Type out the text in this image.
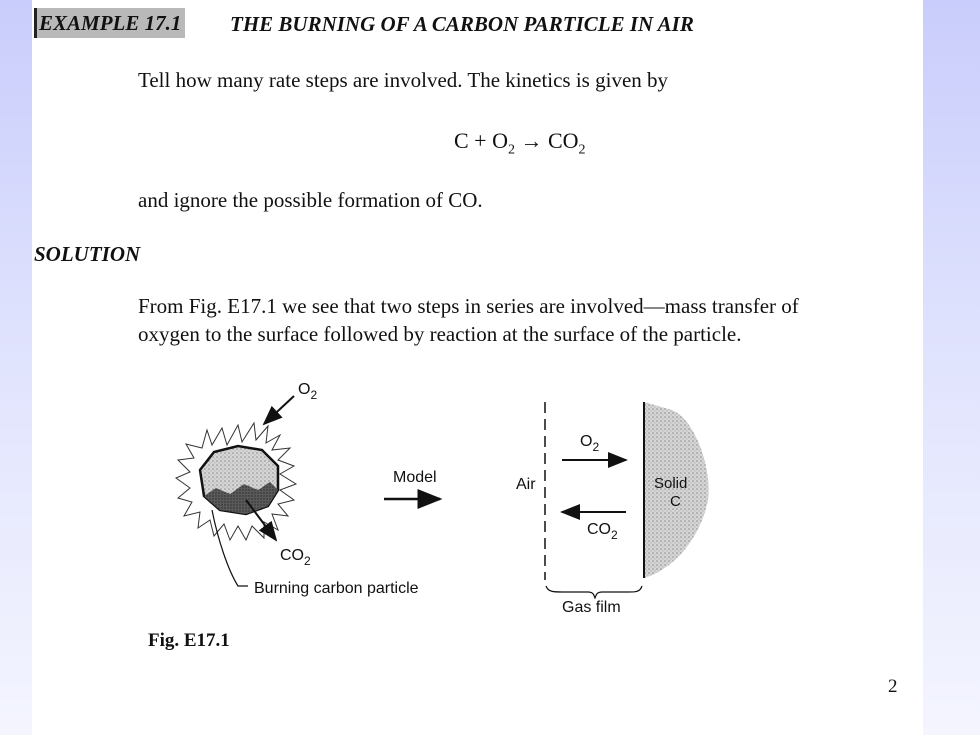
EXAMPLE 17.1 THE BURNING OF A CARBON PARTICLE IN AIR
Tell how many rate steps are involved. The kinetics is given by
$C + O_2 \to CO_2$
and ignore the possible formation of CO.
SOLUTION
From Fig. E17.1 we see that two steps in series are involved—mass transfer of
oxygen to the surface followed by reaction at the surface of the particle.
$O_2$
$CO_2$
Burning carbon particle
Model	Air
$O_2$
$CO_2$
Solid
C
Gas film
Fig. E17.1
2
